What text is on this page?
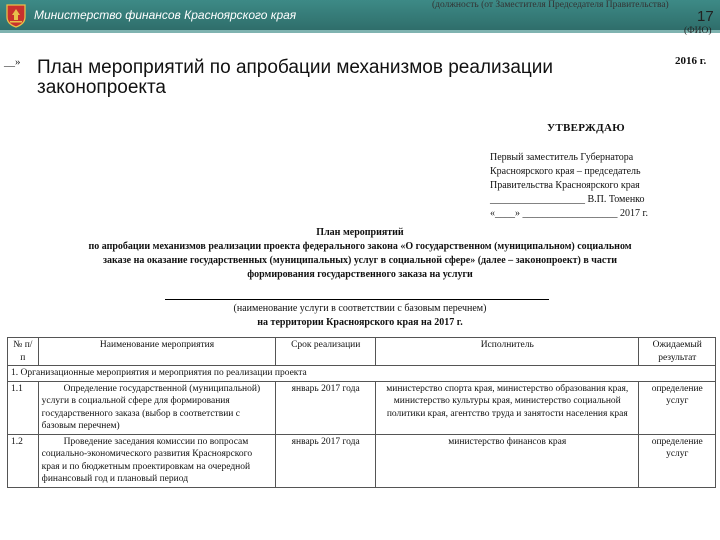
Министерство финансов Красноярского края
(должность (от Заместителя Председателя Правительства)
17
(ФИО)
__»	2016 г.
План мероприятий по апробации механизмов реализации законопроекта
УТВЕРЖДАЮ
Первый заместитель Губернатора
Красноярского края – председатель
Правительства Красноярского края
___________________ В.П. Томенко
«____» ___________________ 2017 г.
План мероприятий
по апробации механизмов реализации проекта федерального закона «О государственном (муниципальном) социальном
заказе на оказание государственных (муниципальных) услуг в социальной сфере» (далее – законопроект) в части
формирования государственного заказа на услуги
(наименование услуги в соответствии с базовым перечнем)
на территории Красноярского края на 2017 г.
№ п/п	Наименование мероприятия	Срок реализации	Исполнитель	Ожидаемый результат
1. Организационные мероприятия и мероприятия по реализации проекта				
1.1	Определение государственной (муниципальной) услуги в социальной сфере для формирования государственного заказа (выбор в соответствии с базовым перечнем)	январь 2017 года	министерство спорта края, министерство образования края, министерство культуры края, министерство социальной политики края, агентство труда и занятости населения края	определение услуг
1.2	Проведение заседания комиссии по вопросам социально-экономического развития Красноярского края и по бюджетным проектировкам на очередной финансовый год и плановый период	январь 2017 года	министерство финансов края	определение услуг
